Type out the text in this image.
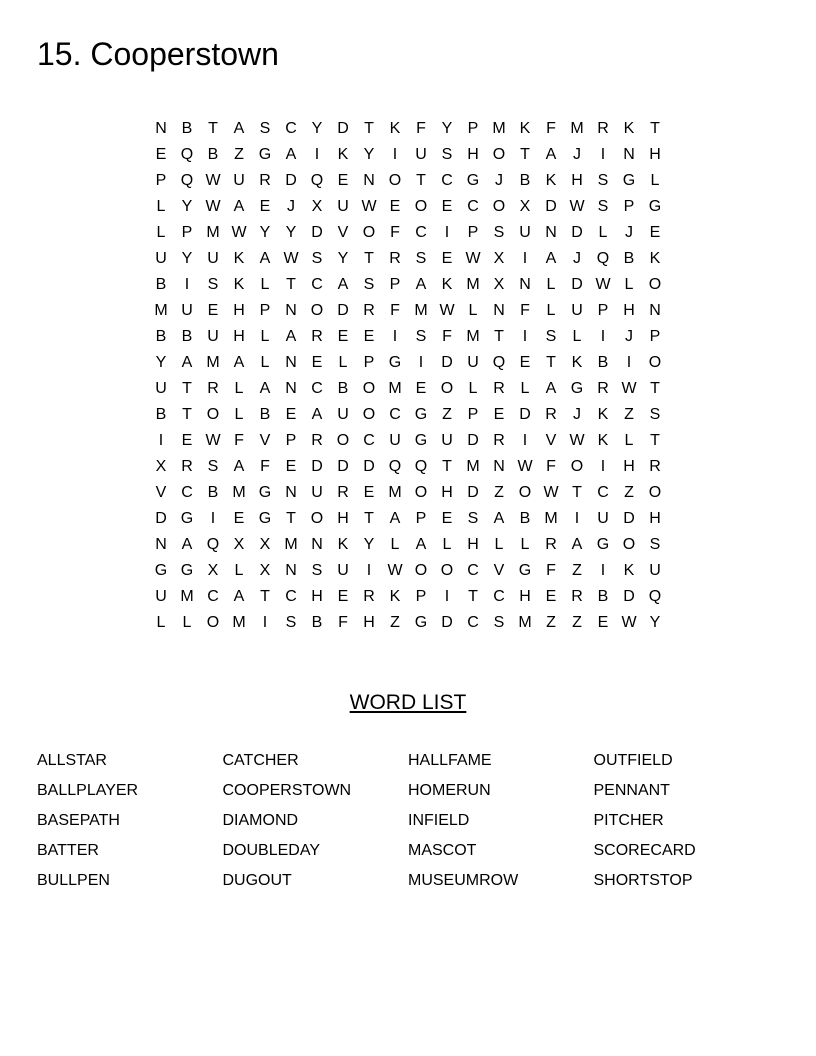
15. Cooperstown
N B T A S C Y D T K F Y P M K F M R K T
E Q B Z G A	I	K Y	I	U S H O T A	J	I	N H
P Q W U R D Q E N O T C G J	B K H S G L
L	Y W A E	J	X U W E O E C O X D W S P G
L	P M W Y Y D V O F C	I	P S U N D L	J	E
U Y U K A W S Y T R S E W X	I	A	J Q B K
B	I	S K	L	T C A S P A K M X N L D W L O
M U E H P N O D R F M W L N F	L U P H N
B B U H L	A R E E	I	S F M T	I	S	L	I	J	P
Y A M A	L N E	L	P G	I	D U Q E T K B	I	O
U T R L	A N C B O M E O L R L	A G R W T
B T O L	B E A U O C G Z P E D R	J	K Z S
I	E W F V P R O C U G U D R	I	V W K	L	T
X R S A F E D D D Q Q T M N W F O	I	H R
V C B M G N U R E M O H D Z O W T C Z O
D G	I	E G T O H T A P E S A B M	I	U D H
N A Q X X M N K Y	L	A	L H L	L R A G O S
G G X	L	X N S U	I	W O O C V G F	Z	I	K U
U M C A T C H E R K P	I	T C H E R B D Q
L	L O M	I	S B F H Z G D C S M Z	Z E W Y
WORD LIST
ALLSTAR
BALLPLAYER
BASEPATH
BATTER
BULLPEN
CATCHER
COOPERSTOWN
DIAMOND
DOUBLEDAY
DUGOUT
HALLFAME
HOMERUN
INFIELD
MASCOT
MUSEUMROW
OUTFIELD
PENNANT
PITCHER
SCORECARD
SHORTSTOP
